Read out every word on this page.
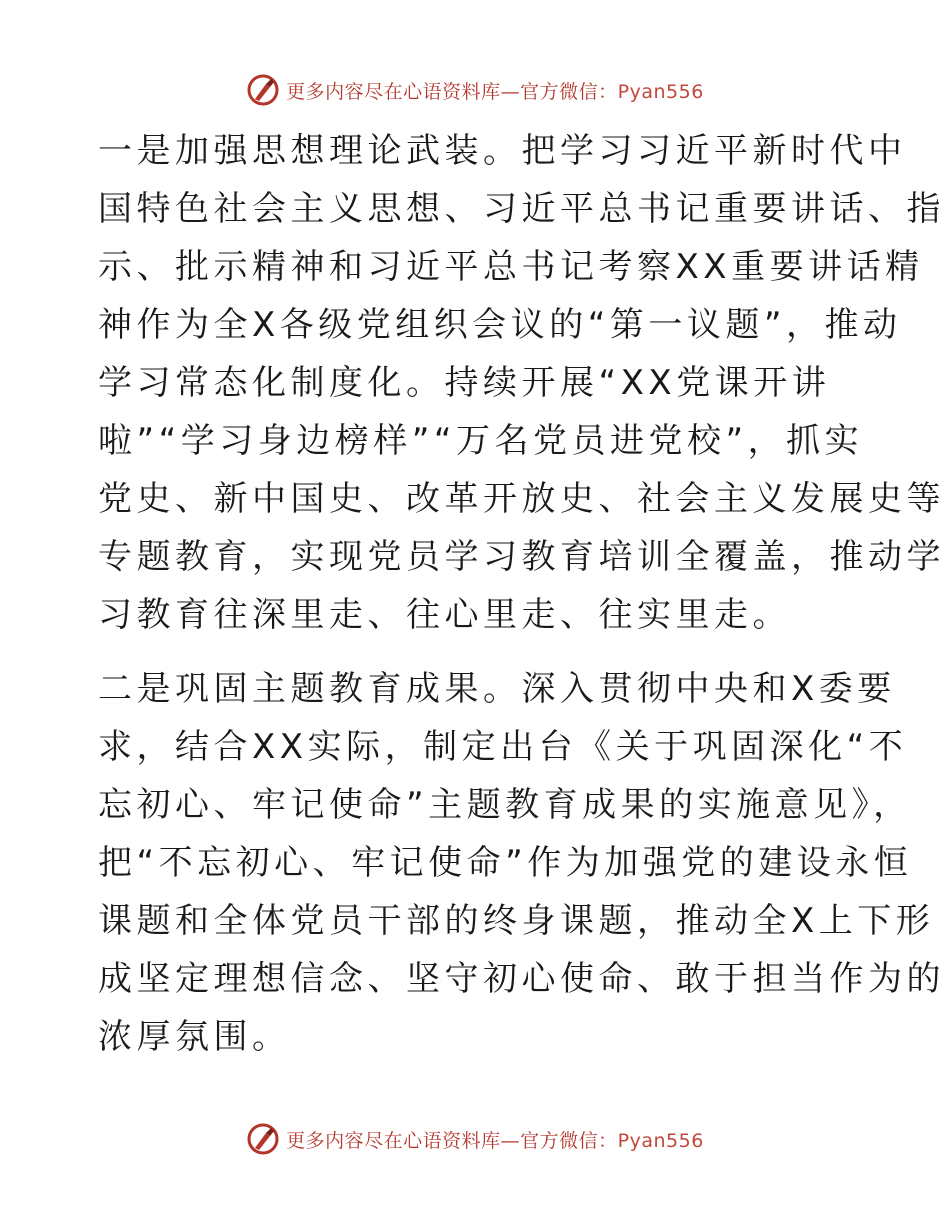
更多内容尽在心语资料库—官方微信：Pyan556

一是加强思想理论武装。把学习习近平新时代中
国特色社会主义思想、习近平总书记重要讲话、指
示、批示精神和习近平总书记考察XX重要讲话精
神作为全X各级党组织会议的“第一议题”，推动
学习常态化制度化。持续开展“XX党课开讲
啦”“学习身边榜样”“万名党员进党校”，抓实
党史、新中国史、改革开放史、社会主义发展史等
专题教育，实现党员学习教育培训全覆盖，推动学
习教育往深里走、往心里走、往实里走。

二是巩固主题教育成果。深入贯彻中央和X委要
求，结合XX实际，制定出台《关于巩固深化“不
忘初心、牢记使命”主题教育成果的实施意见》，
把“不忘初心、牢记使命”作为加强党的建设永恒
课题和全体党员干部的终身课题，推动全X上下形
成坚定理想信念、坚守初心使命、敢于担当作为的
浓厚氛围。

更多内容尽在心语资料库—官方微信：Pyan556
